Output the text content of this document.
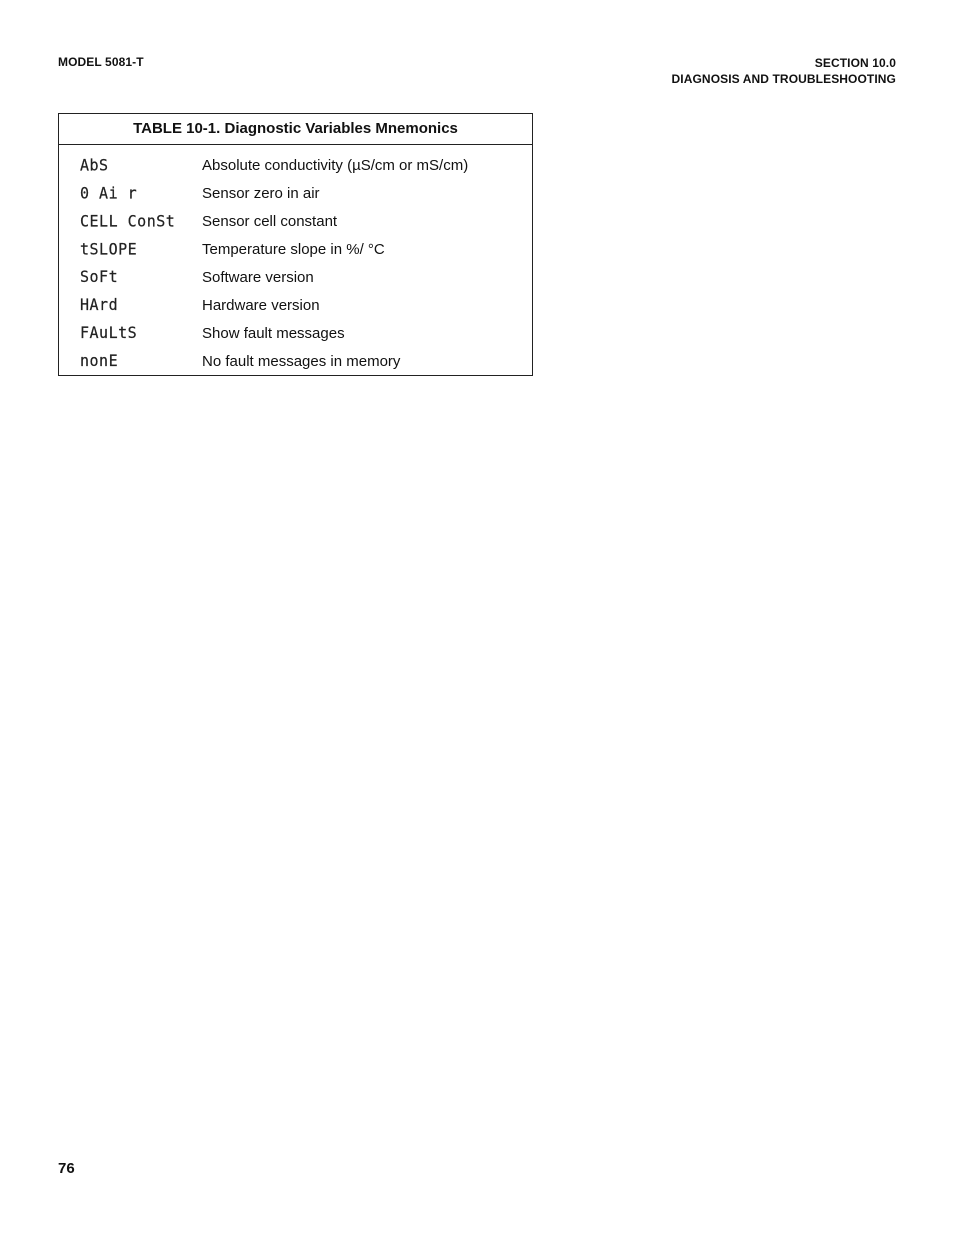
MODEL 5081-T	SECTION 10.0
DIAGNOSIS AND TROUBLESHOOTING
TABLE 10-1. Diagnostic Variables Mnemonics
AbS	Absolute conductivity (µS/cm or mS/cm)
0 Ai r	Sensor zero in air
CELL ConSt	Sensor cell constant
tSLOPE	Temperature slope in %/ °C
SoFt	Software version
HArd	Hardware version
FAuLtS	Show fault messages
nonE	No fault messages in memory
76
